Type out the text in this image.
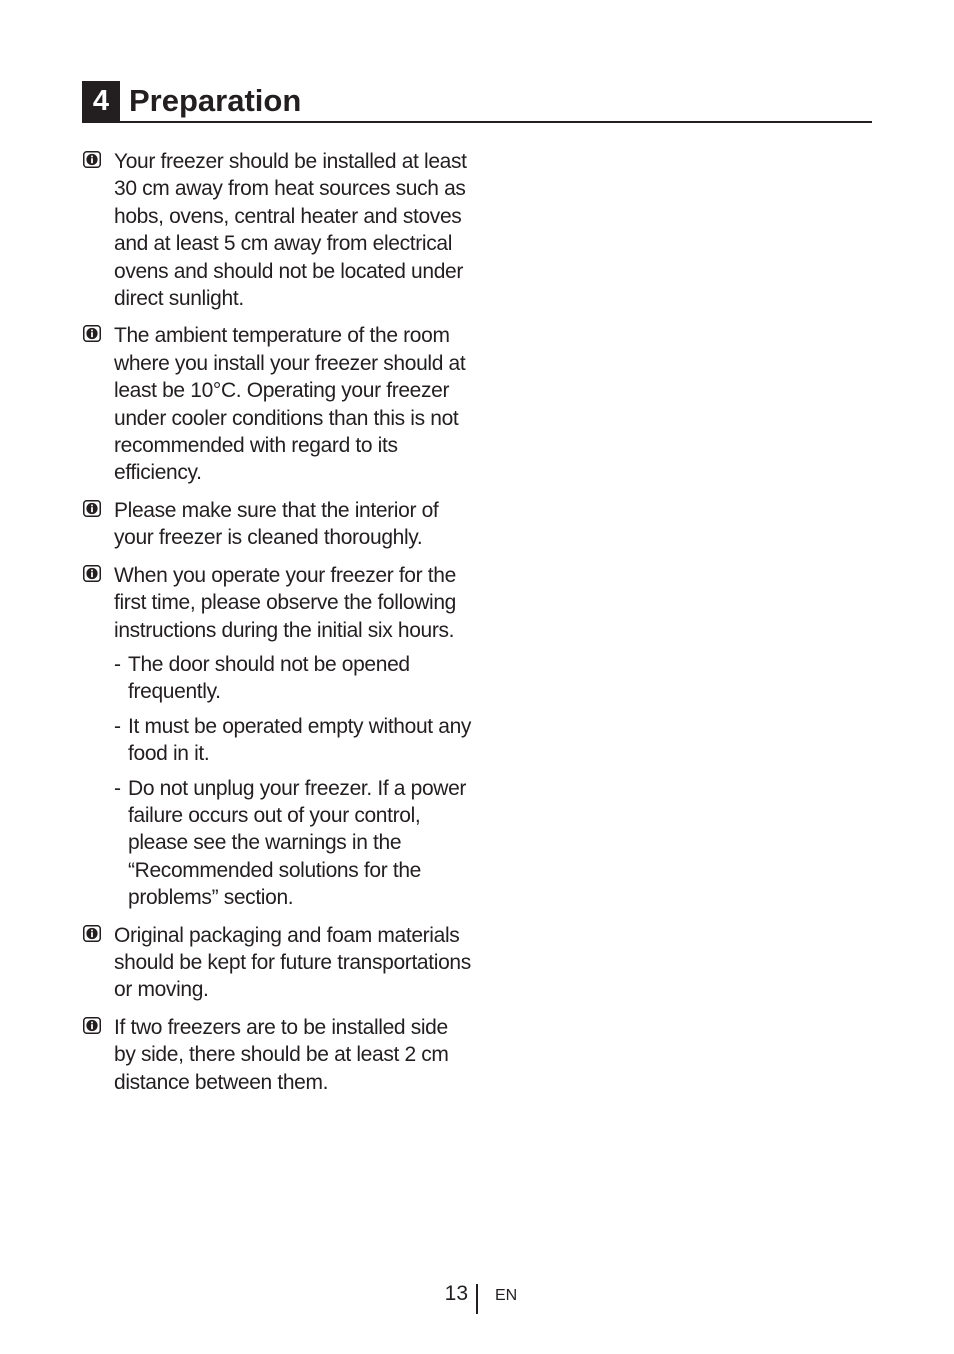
4 Preparation
Your freezer should be installed at least 30 cm away from heat sources such as hobs, ovens, central heater and stoves and at least 5 cm away from electrical ovens and should not be located under direct sunlight.
The ambient temperature of the room where you install your freezer should at least be 10°C. Operating your freezer under cooler conditions than this is not recommended with regard to its efficiency.
Please make sure that the interior of your freezer is cleaned thoroughly.
When you operate your freezer for the first time, please observe the following instructions during the initial six hours.
- The door should not be opened frequently.
- It must be operated empty without any food in it.
- Do not unplug your freezer. If a power failure occurs out of your control, please see the warnings in the “Recommended solutions for the problems” section.
Original packaging and foam materials should be kept for future transportations or moving.
If two freezers are to be installed side by side, there should be at least 2 cm distance between them.
13 EN
